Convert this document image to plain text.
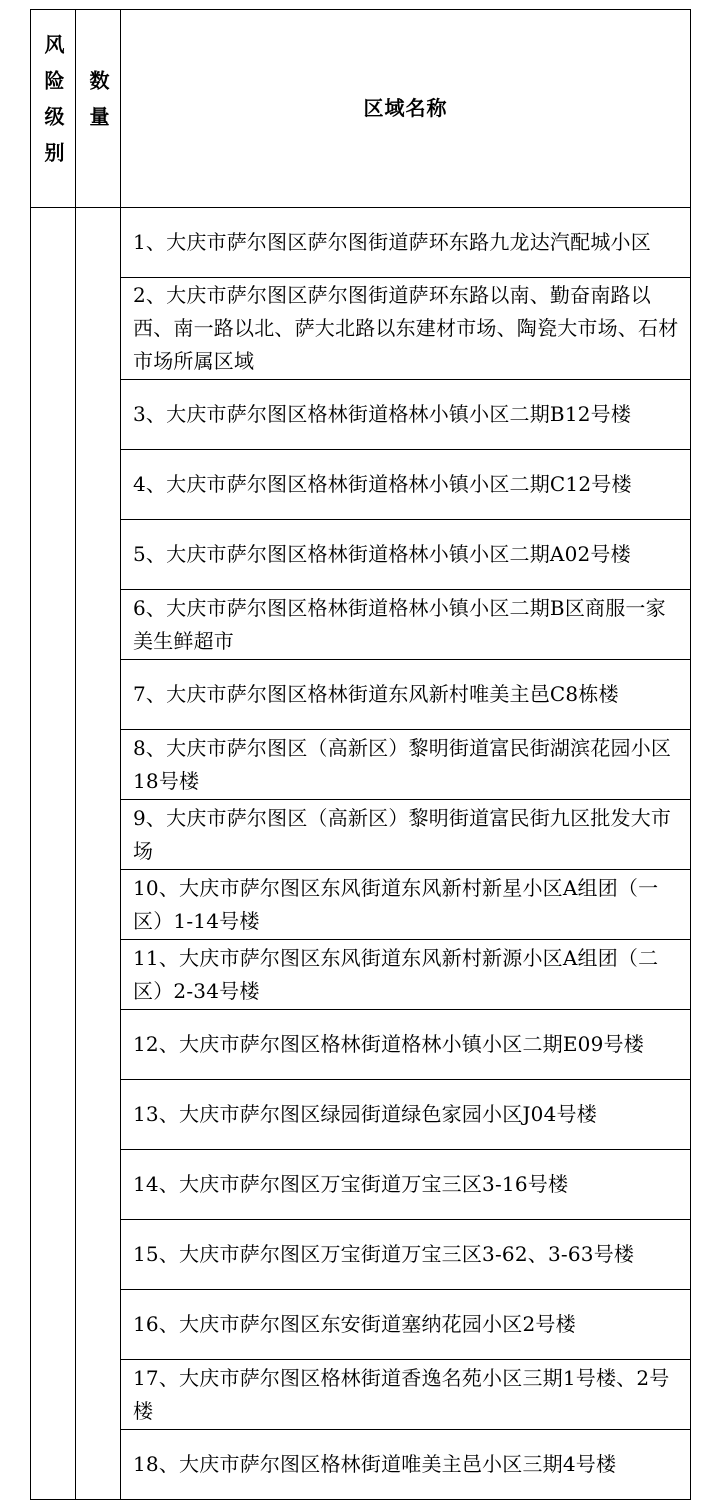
风险级别	数量	区域名称
		1、大庆市萨尔图区萨尔图街道萨环东路九龙达汽配城小区
		2、大庆市萨尔图区萨尔图街道萨环东路以南、勤奋南路以西、南一路以北、萨大北路以东建材市场、陶瓷大市场、石材市场所属区域
		3、大庆市萨尔图区格林街道格林小镇小区二期B12号楼
		4、大庆市萨尔图区格林街道格林小镇小区二期C12号楼
		5、大庆市萨尔图区格林街道格林小镇小区二期A02号楼
		6、大庆市萨尔图区格林街道格林小镇小区二期B区商服一家美生鲜超市
		7、大庆市萨尔图区格林街道东风新村唯美主邑C8栋楼
		8、大庆市萨尔图区（高新区）黎明街道富民街湖滨花园小区18号楼
		9、大庆市萨尔图区（高新区）黎明街道富民街九区批发大市场
		10、大庆市萨尔图区东风街道东风新村新星小区A组团（一区）1-14号楼
		11、大庆市萨尔图区东风街道东风新村新源小区A组团（二区）2-34号楼
		12、大庆市萨尔图区格林街道格林小镇小区二期E09号楼
		13、大庆市萨尔图区绿园街道绿色家园小区J04号楼
		14、大庆市萨尔图区万宝街道万宝三区3-16号楼
		15、大庆市萨尔图区万宝街道万宝三区3-62、3-63号楼
		16、大庆市萨尔图区东安街道塞纳花园小区2号楼
		17、大庆市萨尔图区格林街道香逸名苑小区三期1号楼、2号楼
		18、大庆市萨尔图区格林街道唯美主邑小区三期4号楼
